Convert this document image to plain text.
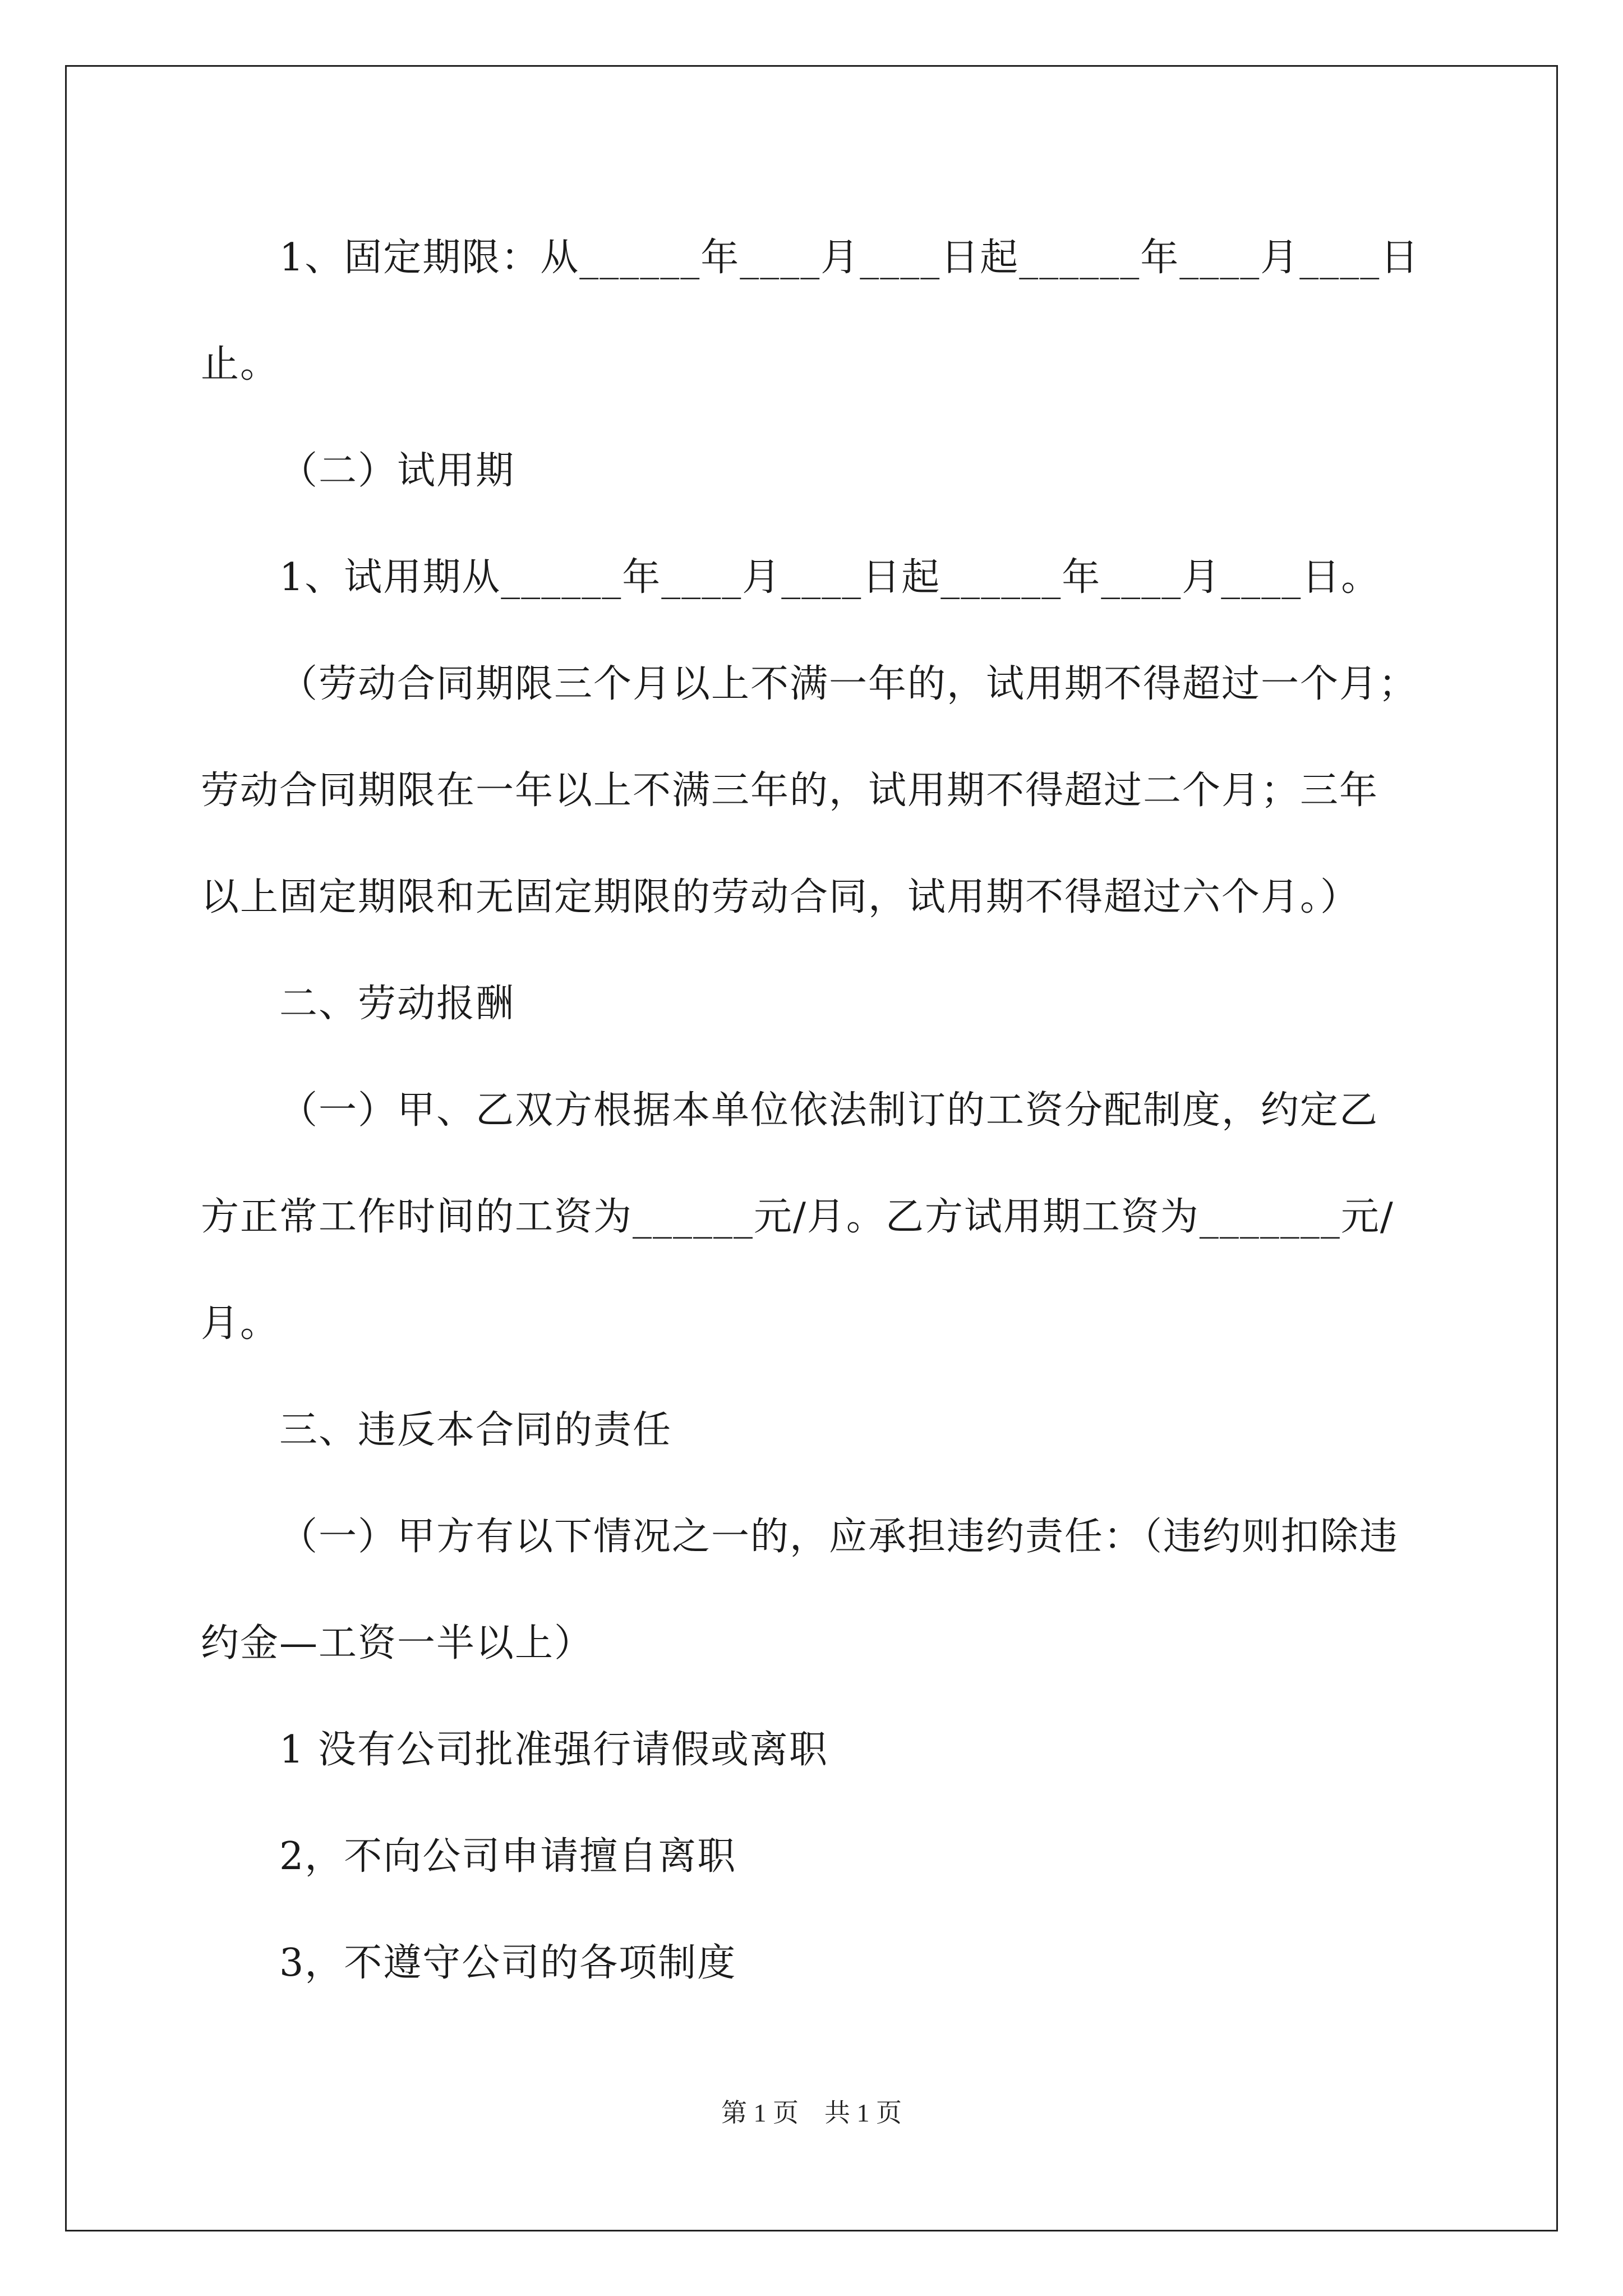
1、固定期限：从______年____月____日起______年____月____日
止。
（二）试用期
1、试用期从______年____月____日起______年____月____日。
（劳动合同期限三个月以上不满一年的，试用期不得超过一个月；
劳动合同期限在一年以上不满三年的，试用期不得超过二个月；三年
以上固定期限和无固定期限的劳动合同，试用期不得超过六个月。）
二、劳动报酬
（一）甲、乙双方根据本单位依法制订的工资分配制度，约定乙
方正常工作时间的工资为______元/月。乙方试用期工资为_______元/
月。
三、违反本合同的责任
（一）甲方有以下情况之一的，应承担违约责任：（违约则扣除违
约金—工资一半以上）
1 没有公司批准强行请假或离职
2，不向公司申请擅自离职
3，不遵守公司的各项制度
第 1 页    共 1 页
